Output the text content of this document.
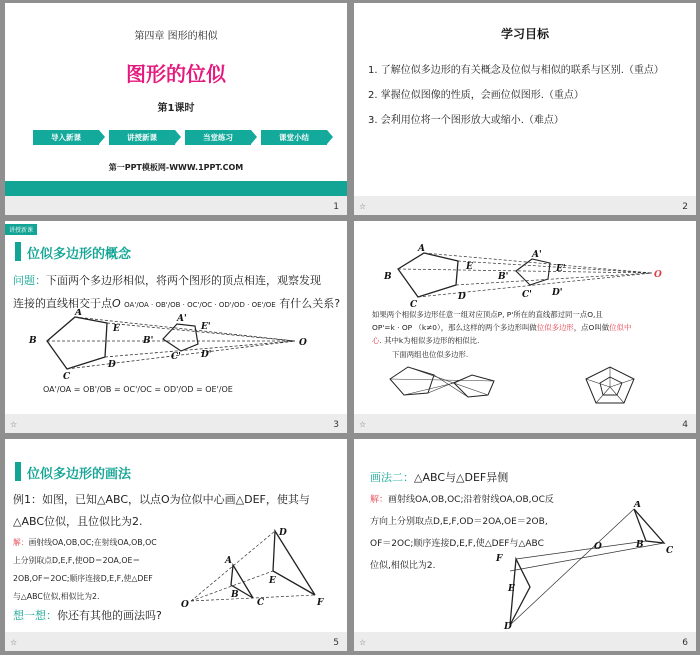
第四章 图形的相似
图形的位似
第1课时
导入新课	讲授新课	当堂练习	课堂小结
第一PPT模板网-WWW.1PPT.COM
1
学习目标
1. 了解位似多边形的有关概念及位似与相似的联系与区别.（重点）
2. 掌握位似图像的性质，会画位似图形.（重点）
3. 会利用位将一个图形放大或缩小.（难点）
☆	2
讲授新课
位似多边形的概念
问题：下面两个多边形相似，将两个图形的顶点相连，观察发现
连接的直线相交于点O OA'/OA · OB'/OB · OC'/OC · OD'/OD · OE'/OE 有什么关系?
B
A
E
D
C
B'
A'
E'
D'
C'
O
OA'/OA = OB'/OB = OC'/OC = OD'/OD = OE'/OE
☆	3
B
A
E
D
C
B'
A'
E'
D'
C'
O
如果两个相似多边形任意一组对应顶点P, P'所在的直线都过同一点O,且
OP'=k · OP （k≠0），那么这样的两个多边形叫做位似多边形，点O叫做位似中
心. 其中k为相似多边形的相似比.
下面两组也位似多边形.
☆	4
位似多边形的画法
例1：如图，已知△ABC，以点O为位似中心画△DEF，使其与
△ABC位似，且位似比为2.
解：画射线OA,OB,OC;在射线OA,OB,OC
上分别取点D,E,F,使OD＝2OA,OE＝
2OB,OF＝2OC;顺序连接D,E,F,使△DEF
与△ABC位似,相似比为2.
想一想：你还有其他的画法吗?
A
B
C
D
E
F
O
☆	5
画法二：△ABC与△DEF异侧
解：画射线OA,OB,OC;沿着射线OA,OB,OC反
方向上分别取点D,E,F,OD＝2OA,OE＝2OB,
OF＝2OC;顺序连接D,E,F,使△DEF与△ABC
位似,相似比为2.
A
B
C
D
E
F
O
☆	6
